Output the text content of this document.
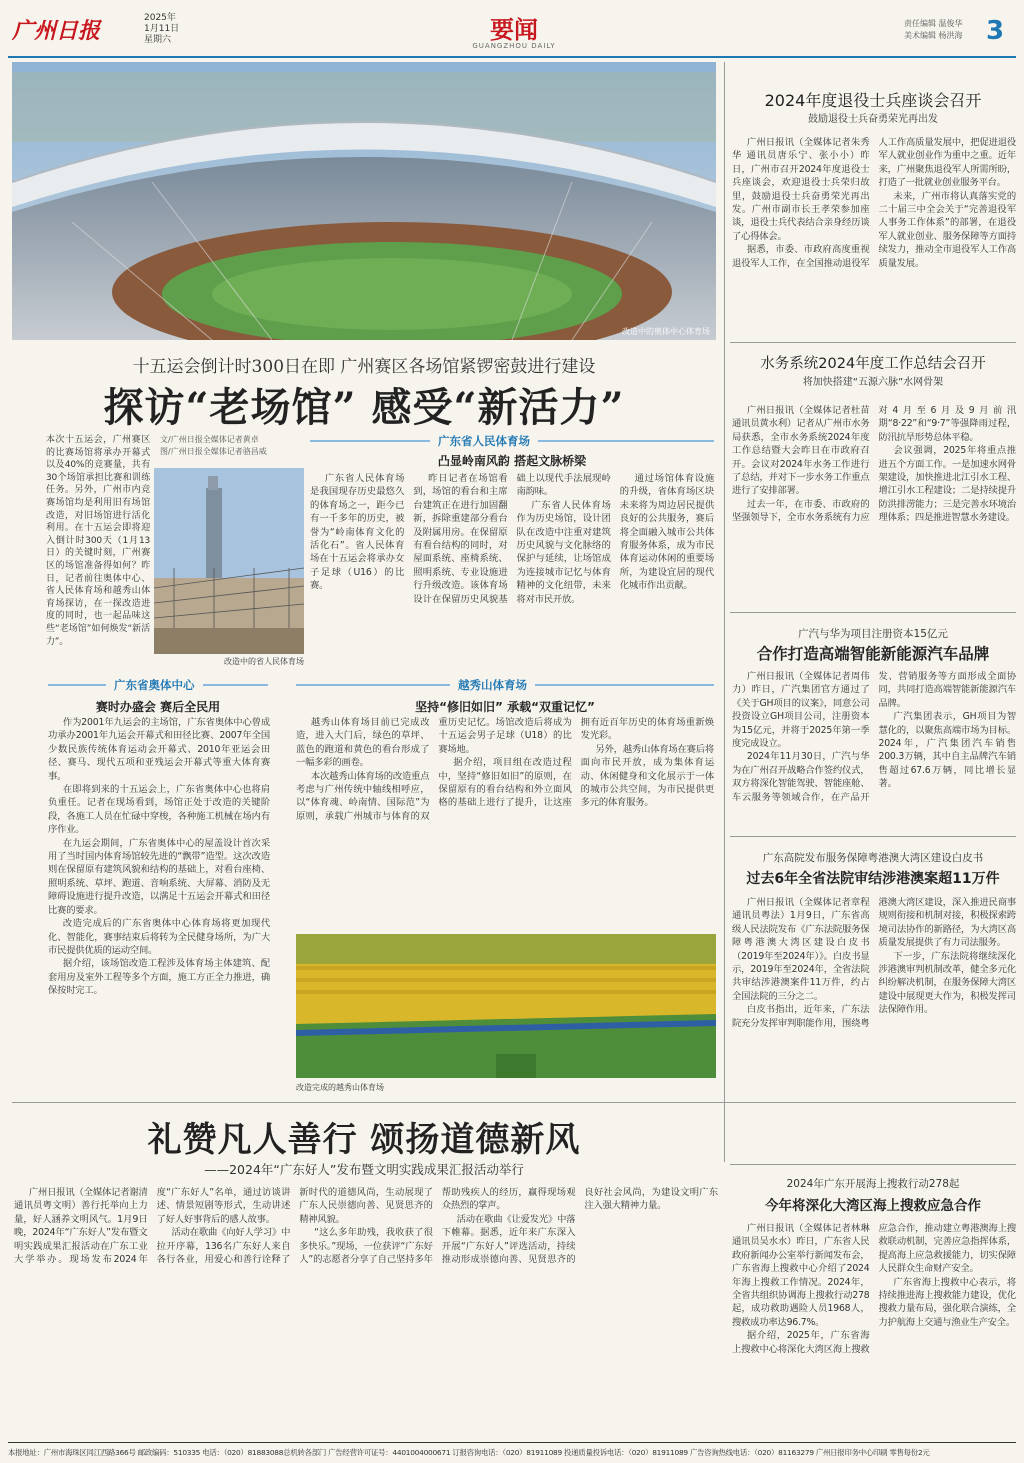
广州日报	2025年
1月11日
星期六	要闻
GUANGZHOU DAILY
责任编辑 温俊华
美术编辑 杨洪海 3
改造中的奥体中心体育场
十五运会倒计时300日在即 广州赛区各场馆紧锣密鼓进行建设
探访“老场馆” 感受“新活力”
本次十五运会，广州赛区的比赛场馆将承办开幕式以及40%的竞赛量，共有30个场馆承担比赛和训练任务。另外，广州市内竞赛场馆均是利用旧有场馆改造，对旧场馆进行活化利用。在十五运会即将迎入倒计时300天（1月13日）的关键时刻，广州赛区的场馆准备得如何？昨日，记者前往奥体中心、省人民体育场和越秀山体育场探访，在一探改造进度的同时，也一起品味这些“老场馆”如何焕发“新活力”。
文/广州日报全媒体记者黄卓
图/广州日报全媒体记者骆昌威
改造中的省人民体育场
广东省人民体育场
凸显岭南风韵 搭起文脉桥梁

广东省人民体育场是我国现存历史最悠久的体育场之一，距今已有一千多年的历史，被誉为“岭南体育文化的活化石”。省人民体育场在十五运会将承办女子足球（U16）的比赛。

昨日记者在场馆看到，场馆的看台和主席台建筑正在进行加固翻新，拆除重建部分看台及附属用房。在保留原有看台结构的同时，对屋面系统、座椅系统、照明系统、专业设施进行升级改造。该体育场设计在保留历史风貌基础上以现代手法展现岭南韵味。

广东省人民体育场作为历史场馆，设计团队在改造中注重对建筑历史风貌与文化脉络的保护与延续，让场馆成为连接城市记忆与体育精神的文化纽带，未来将对市民开放。

通过场馆体育设施的升级，省体育场区块未来将为周边居民提供良好的公共服务，赛后将全面融入城市公共体育服务体系，成为市民体育运动休闲的重要场所，为建设宜居的现代化城市作出贡献。

广东省奥体中心
赛时办盛会 赛后全民用

作为2001年九运会的主场馆，广东省奥体中心曾成功承办2001年九运会开幕式和田径比赛、2007年全国少数民族传统体育运动会开幕式、2010年亚运会田径、赛马、现代五项和亚残运会开幕式等重大体育赛事。

在即将到来的十五运会上，广东省奥体中心也将肩负重任。记者在现场看到，场馆正处于改造的关键阶段，各施工人员在忙碌中穿梭，各种施工机械在场内有序作业。

在九运会期间，广东省奥体中心的屋盖设计首次采用了当时国内体育场馆较先进的“飘带”造型。这次改造则在保留原有建筑风貌和结构的基础上，对看台座椅、照明系统、草坪、跑道、音响系统、大屏幕、消防及无障碍设施进行提升改造，以满足十五运会开幕式和田径比赛的要求。

改造完成后的广东省奥体中心体育场将更加现代化、智能化，赛事结束后将转为全民健身场所，为广大市民提供优质的运动空间。

据介绍，该场馆改造工程涉及体育场主体建筑、配套用房及室外工程等多个方面，施工方正全力推进，确保按时完工。

越秀山体育场
坚持“修旧如旧” 承载“双重记忆”

越秀山体育场目前已完成改造，进入大门后，绿色的草坪、蓝色的跑道和黄色的看台形成了一幅多彩的画卷。

本次越秀山体育场的改造重点考虑与广州传统中轴线相呼应，以“体育魂、岭南情、国际范”为原则，承载广州城市与体育的双重历史记忆。场馆改造后将成为十五运会男子足球（U18）的比赛场地。

据介绍，项目组在改造过程中，坚持“修旧如旧”的原则，在保留原有的看台结构和外立面风格的基础上进行了提升，让这座拥有近百年历史的体育场重新焕发光彩。

另外，越秀山体育场在赛后将面向市民开放，成为集体育运动、休闲健身和文化展示于一体的城市公共空间，为市民提供更多元的体育服务。

改造完成的越秀山体育场
2024年度退役士兵座谈会召开
鼓励退役士兵奋勇荣光再出发

广州日报讯（全媒体记者朱秀华 通讯员唐乐宁、张小小）昨日，广州市召开2024年度退役士兵座谈会，欢迎退役士兵荣归故里，鼓励退役士兵奋勇荣光再出发。广州市副市长王孝荣参加座谈，退役士兵代表结合亲身经历谈了心得体会。

据悉，市委、市政府高度重视退役军人工作，在全国推动退役军人工作高质量发展中，把促进退役军人就业创业作为重中之重。近年来，广州聚焦退役军人所需所盼，打造了一批就业创业服务平台。

未来，广州市将认真落实党的二十届三中全会关于“完善退役军人事务工作体系”的部署，在退役军人就业创业、服务保障等方面持续发力，推动全市退役军人工作高质量发展。

水务系统2024年度工作总结会召开
将加快搭建“五源六脉”水网骨架

广州日报讯（全媒体记者杜苗 通讯员黄水利）记者从广州市水务局获悉，全市水务系统2024年度工作总结暨大会昨日在市政府召开。会议对2024年水务工作进行了总结，并对下一步水务工作重点进行了安排部署。

过去一年，在市委、市政府的坚强领导下，全市水务系统有力应对4月至6月及9月前汛期“8·22”和“9·7”等强降雨过程，防汛抗旱形势总体平稳。

会议强调，2025年将重点推进五个方面工作。一是加速水网骨架建设，加快推进北江引水工程、增江引水工程建设；二是持续提升防洪排涝能力；三是完善水环境治理体系；四是推进智慧水务建设。

广汽与华为项目注册资本15亿元
合作打造高端智能新能源汽车品牌

广州日报讯（全媒体记者周伟力）昨日，广汽集团官方通过了《关于GH项目的议案》，同意公司投资设立GH项目公司，注册资本为15亿元，并将于2025年第一季度完成设立。

2024年11月30日，广汽与华为在广州召开战略合作签约仪式，双方将深化智能驾驶、智能座舱、车云服务等领域合作，在产品开发、营销服务等方面形成全面协同，共同打造高端智能新能源汽车品牌。

广汽集团表示，GH项目为智慧化的，以聚焦高端市场为目标。2024年，广汽集团汽车销售200.3万辆，其中自主品牌汽车销售超过67.6万辆，同比增长显著。

广东高院发布服务保障粤港澳大湾区建设白皮书
过去6年全省法院审结涉港澳案超11万件

广州日报讯（全媒体记者章程 通讯员粤法）1月9日，广东省高级人民法院发布《广东法院服务保障粤港澳大湾区建设白皮书（2019年至2024年）》。白皮书显示，2019年至2024年，全省法院共审结涉港澳案件11万件，约占全国法院的三分之二。

白皮书指出，近年来，广东法院充分发挥审判职能作用，围绕粤港澳大湾区建设，深入推进民商事规则衔接和机制对接，积极探索跨境司法协作的新路径，为大湾区高质量发展提供了有力司法服务。

下一步，广东法院将继续深化涉港澳审判机制改革，健全多元化纠纷解决机制，在服务保障大湾区建设中展现更大作为，积极发挥司法保障作用。

2024年广东开展海上搜救行动278起
今年将深化大湾区海上搜救应急合作

广州日报讯（全媒体记者林琳 通讯员吴水水）昨日，广东省人民政府新闻办公室举行新闻发布会，广东省海上搜救中心介绍了2024年海上搜救工作情况。2024年，全省共组织协调海上搜救行动278起，成功救助遇险人员1968人，搜救成功率达96.7%。

据介绍，2025年，广东省海上搜救中心将深化大湾区海上搜救应急合作，推动建立粤港澳海上搜救联动机制，完善应急指挥体系，提高海上应急救援能力，切实保障人民群众生命财产安全。

广东省海上搜救中心表示，将持续推进海上搜救能力建设，优化搜救力量布局，强化联合演练，全力护航海上交通与渔业生产安全。

礼赞凡人善行 颂扬道德新风
——2024年“广东好人”发布暨文明实践成果汇报活动举行

广州日报讯（全媒体记者谢清 通讯员粤文明）善行托举向上力量，好人涵养文明风气。1月9日晚，2024年“广东好人”发布暨文明实践成果汇报活动在广东工业大学举办。现场发布2024年度“广东好人”名单，通过访谈讲述、情景短剧等形式，生动讲述了好人好事背后的感人故事。

活动在歌曲《向好人学习》中拉开序幕，136名广东好人来自各行各业，用爱心和善行诠释了新时代的道德风尚，生动展现了广东人民崇德向善、见贤思齐的精神风貌。

“这么多年助残，我收获了很多快乐。”现场，一位获评“广东好人”的志愿者分享了自己坚持多年帮助残疾人的经历，赢得现场观众热烈的掌声。

活动在歌曲《让爱发光》中落下帷幕。据悉，近年来广东深入开展“广东好人”评选活动，持续推动形成崇德向善、见贤思齐的良好社会风尚，为建设文明广东注入强大精神力量。

本报地址：广州市海珠区同江西路366号 邮政编码：510335 电话：（020）81883088总机转各部门 广告经营许可证号：4401004000671 订报咨询电话：（020）81911089 投递质量投诉电话：（020）81911089 广告咨询热线电话：（020）81163279 广州日报印务中心印刷 零售每份2元
